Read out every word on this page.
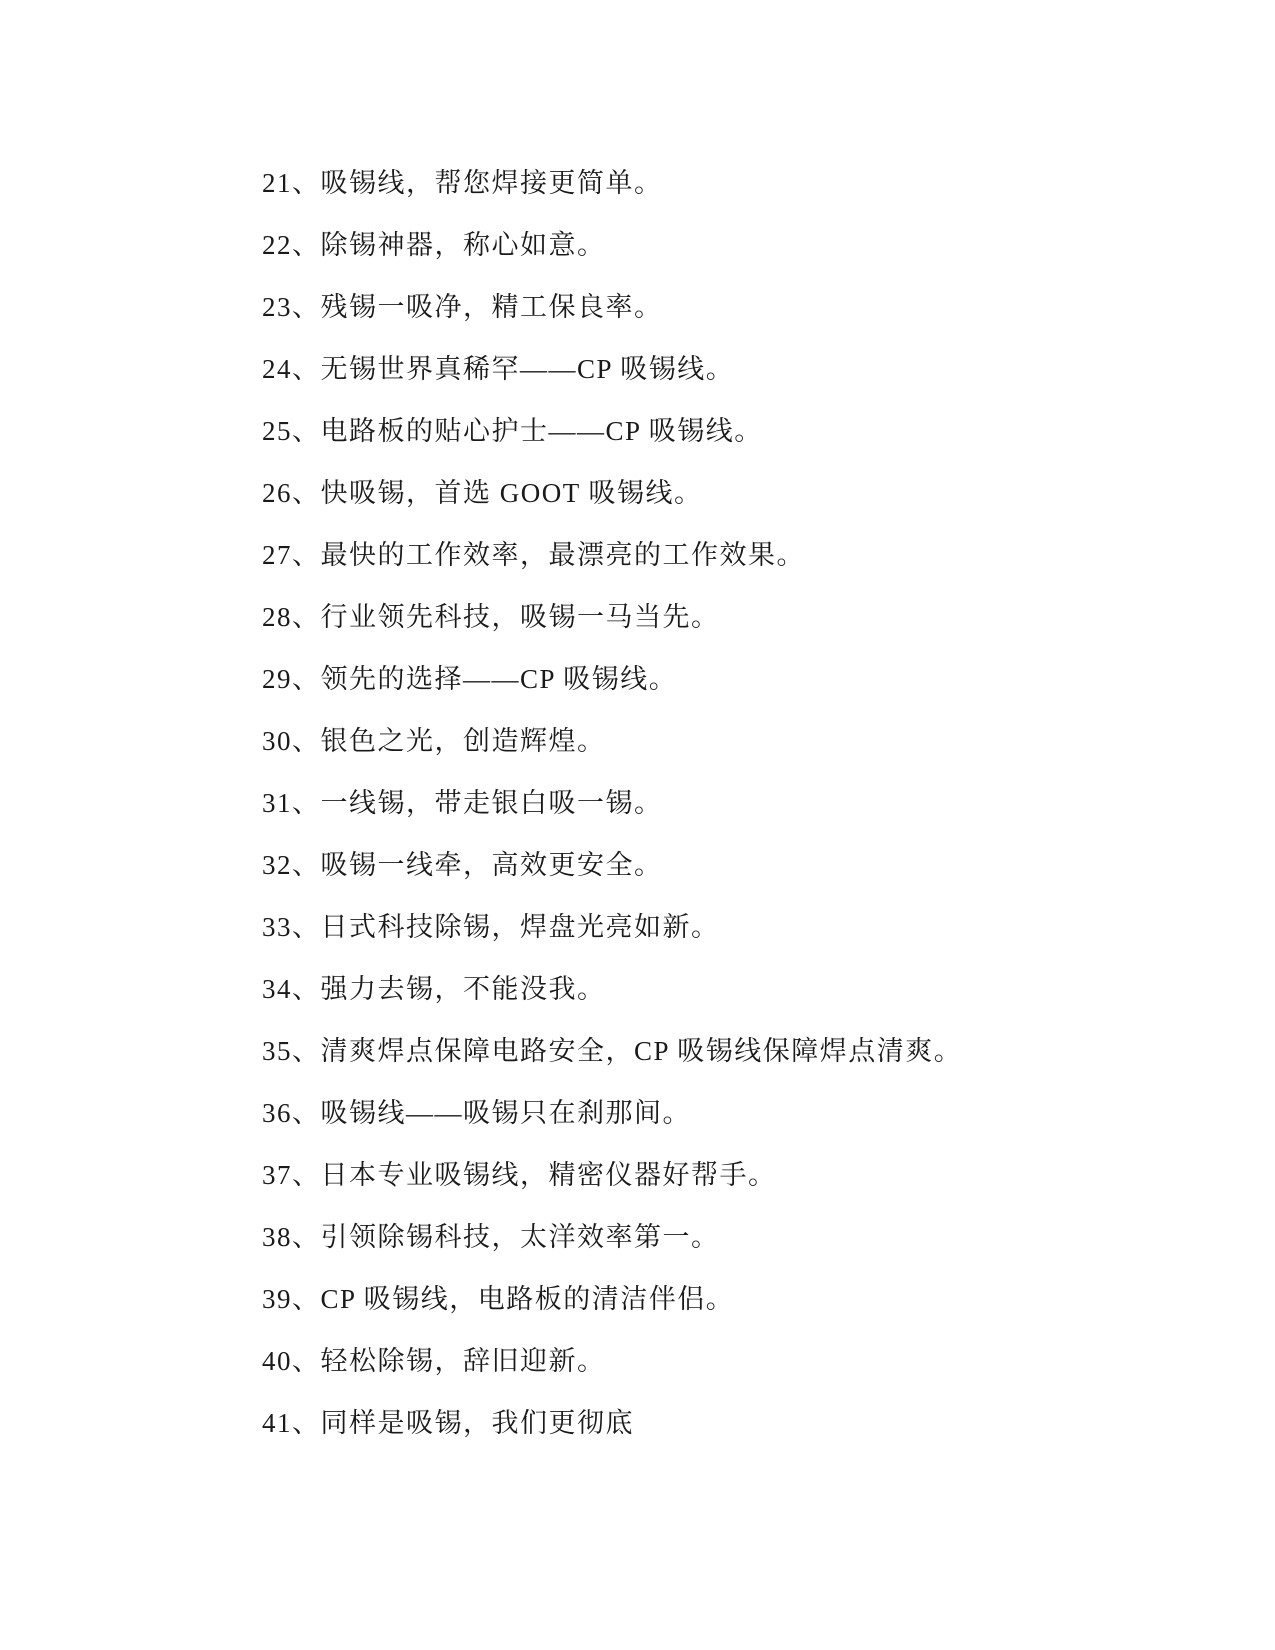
21、吸锡线，帮您焊接更简单。
22、除锡神器，称心如意。
23、残锡一吸净，精工保良率。
24、无锡世界真稀罕——CP 吸锡线。
25、电路板的贴心护士——CP 吸锡线。
26、快吸锡，首选 GOOT 吸锡线。
27、最快的工作效率，最漂亮的工作效果。
28、行业领先科技，吸锡一马当先。
29、领先的选择——CP 吸锡线。
30、银色之光，创造辉煌。
31、一线锡，带走银白吸一锡。
32、吸锡一线牵，高效更安全。
33、日式科技除锡，焊盘光亮如新。
34、强力去锡，不能没我。
35、清爽焊点保障电路安全，CP 吸锡线保障焊点清爽。
36、吸锡线——吸锡只在刹那间。
37、日本专业吸锡线，精密仪器好帮手。
38、引领除锡科技，太洋效率第一。
39、CP 吸锡线，电路板的清洁伴侣。
40、轻松除锡，辞旧迎新。
41、同样是吸锡，我们更彻底
